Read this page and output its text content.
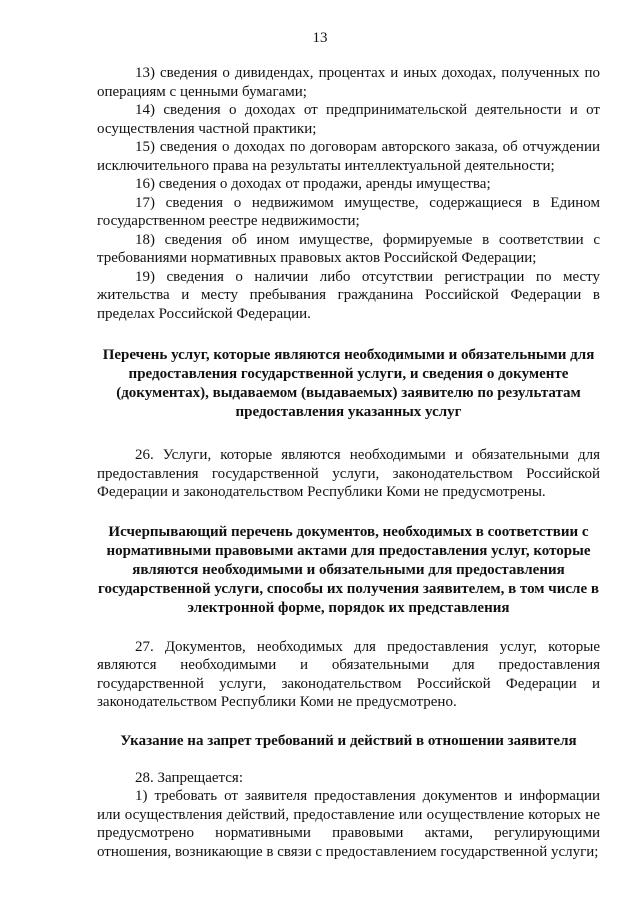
13

13) сведения о дивидендах, процентах и иных доходах, полученных по операциям с ценными бумагами;

14) сведения о доходах от предпринимательской деятельности и от осуществления частной практики;

15) сведения о доходах по договорам авторского заказа, об отчуждении исключительного права на результаты интеллектуальной деятельности;

16) сведения о доходах от продажи, аренды имущества;

17) сведения о недвижимом имуществе, содержащиеся в Едином государственном реестре недвижимости;

18) сведения об ином имуществе, формируемые в соответствии с требованиями нормативных правовых актов Российской Федерации;

19) сведения о наличии либо отсутствии регистрации по месту жительства и месту пребывания гражданина Российской Федерации в пределах Российской Федерации.

Перечень услуг, которые являются необходимыми и обязательными для предоставления государственной услуги, и сведения о документе (документах), выдаваемом (выдаваемых) заявителю по результатам предоставления указанных услуг

26. Услуги, которые являются необходимыми и обязательными для предоставления государственной услуги, законодательством Российской Федерации и законодательством Республики Коми не предусмотрены.

Исчерпывающий перечень документов, необходимых в соответствии с нормативными правовыми актами для предоставления услуг, которые являются необходимыми и обязательными для предоставления государственной услуги, способы их получения заявителем, в том числе в электронной форме, порядок их представления

27. Документов, необходимых для предоставления услуг, которые являются необходимыми и обязательными для предоставления государственной услуги, законодательством Российской Федерации и законодательством Республики Коми не предусмотрено.

Указание на запрет требований и действий в отношении заявителя

28. Запрещается:

1) требовать от заявителя предоставления документов и информации или осуществления действий, предоставление или осуществление которых не предусмотрено нормативными правовыми актами, регулирующими отношения, возникающие в связи с предоставлением государственной услуги;
